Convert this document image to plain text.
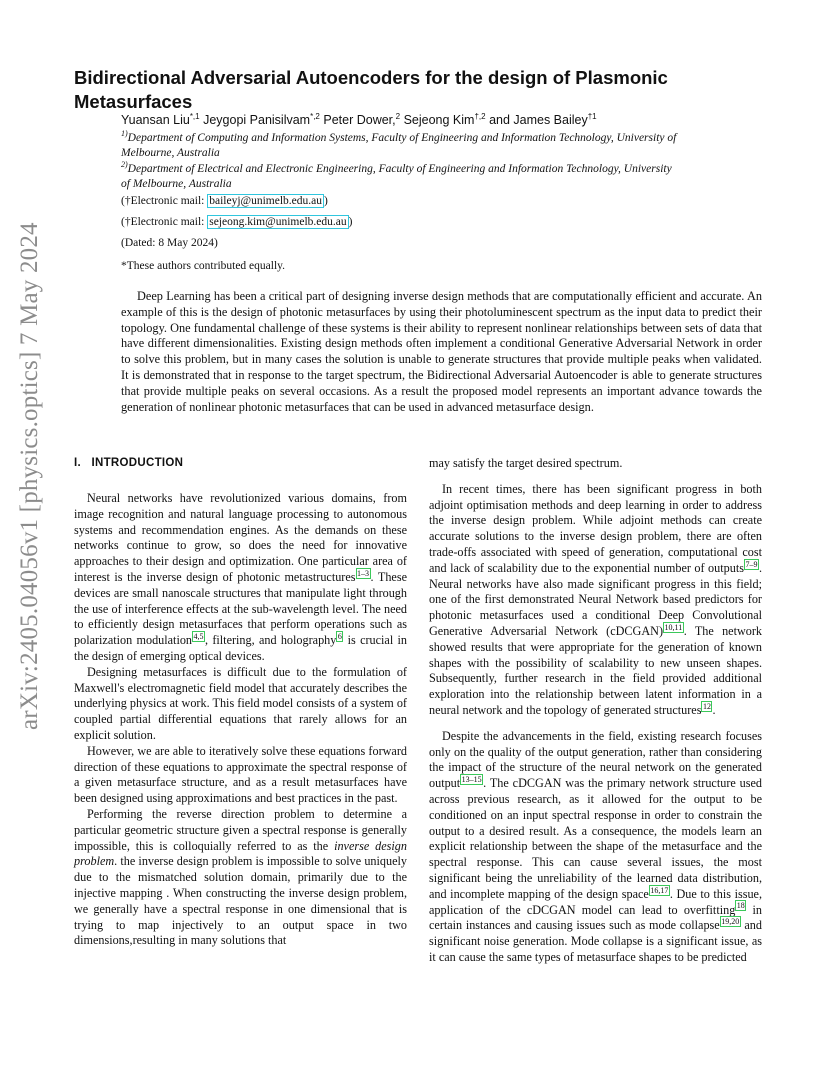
arXiv:2405.04056v1 [physics.optics] 7 May 2024
Bidirectional Adversarial Autoencoders for the design of Plasmonic Metasurfaces
Yuansan Liu$^{*,1}$ Jeygopi Panisilvam$^{*,2}$ Peter Dower,$^2$ Sejeong Kim$^{\dagger,2}$ and James Bailey$^{\dagger 1}$
$^{1)}$Department of Computing and Information Systems, Faculty of Engineering and Information Technology, University of Melbourne, Australia
$^{2)}$Department of Electrical and Electronic Engineering, Faculty of Engineering and Information Technology, University of Melbourne, Australia
(†Electronic mail: baileyj@unimelb.edu.au )
(†Electronic mail: sejeong.kim@unimelb.edu.au )
(Dated: 8 May 2024)
*These authors contributed equally.

Deep Learning has been a critical part of designing inverse design methods that are computationally efficient and accurate. An example of this is the design of photonic metasurfaces by using their photoluminescent spectrum as the input data to predict their topology. One fundamental challenge of these systems is their ability to represent nonlinear relationships between sets of data that have different dimensionalities. Existing design methods often implement a conditional Generative Adversarial Network in order to solve this problem, but in many cases the solution is unable to generate structures that provide multiple peaks when validated. It is demonstrated that in response to the target spectrum, the Bidirectional Adversarial Autoencoder is able to generate structures that provide multiple peaks on several occasions. As a result the proposed model represents an important advance towards the generation of nonlinear photonic metasurfaces that can be used in advanced metasurface design.

I. INTRODUCTION

Neural networks have revolutionized various domains, from image recognition and natural language processing to autonomous systems and recommendation engines. As the demands on these networks continue to grow, so does the need for innovative approaches to their design and optimization. One particular area of interest is the inverse design of photonic metastructures $^{1-3}$ . These devices are small nanoscale structures that manipulate light through the use of interference effects at the sub-wavelength level. The need to efficiently design metasurfaces that perform operations such as polarization modulation $^{4,5}$ , filtering, and holography $^6$ is crucial in the design of emerging optical devices.

Designing metasurfaces is difficult due to the formulation of Maxwell's electromagnetic field model that accurately describes the underlying physics at work. This field model consists of a system of coupled partial differential equations that rarely allows for an explicit solution.

However, we are able to iteratively solve these equations forward direction of these equations to approximate the spectral response of a given metasurface structure, and as a result metasurfaces have been designed using approximations and best practices in the past.

Performing the reverse direction problem to determine a particular geometric structure given a spectral response is generally impossible, this is colloquially referred to as the inverse design problem. the inverse design problem is impossible to solve uniquely due to the mismatched solution domain, primarily due to the injective mapping . When constructing the inverse design problem, we generally have a spectral response in one dimensional that is trying to map injectively to an output space in two dimensions,resulting in many solutions that

may satisfy the target desired spectrum.

In recent times, there has been significant progress in both adjoint optimisation methods and deep learning in order to address the inverse design problem. While adjoint methods can create accurate solutions to the inverse design problem, there are often trade-offs associated with speed of generation, computational cost and lack of scalability due to the exponential number of outputs $^{7-9}$ . Neural networks have also made significant progress in this field; one of the first demonstrated Neural Network based predictors for photonic metasurfaces used a conditional Deep Convolutional Generative Adversarial Network (cDCGAN) $^{10,11}$ . The network showed results that were appropriate for the generation of known shapes with the possibility of scalability to new unseen shapes. Subsequently, further research in the field provided additional exploration into the relationship between latent information in a neural network and the topology of generated structures $^{12}$ .

Despite the advancements in the field, existing research focuses only on the quality of the output generation, rather than considering the impact of the structure of the neural network on the generated output $^{13-15}$ . The cDCGAN was the primary network structure used across previous research, as it allowed for the output to be conditioned on an input spectral response in order to constrain the output to a desired result. As a consequence, the models learn an explicit relationship between the shape of the metasurface and the spectral response. This can cause several issues, the most significant being the unreliability of the learned data distribution, and incomplete mapping of the design space $^{16,17}$ . Due to this issue, application of the cDCGAN model can lead to overfitting $^{18}$ in certain instances and causing issues such as mode collapse $^{19,20}$ and significant noise generation. Mode collapse is a significant issue, as it can cause the same types of metasurface shapes to be predicted
